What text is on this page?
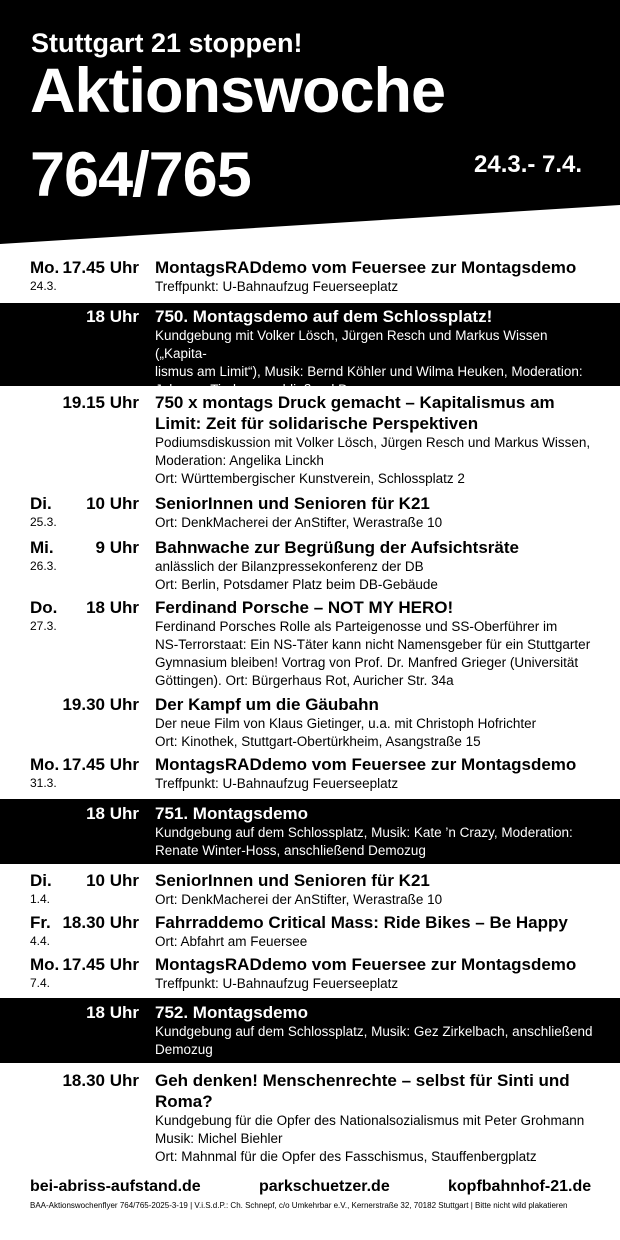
Stuttgart 21 stoppen!
Aktionswoche
764/765	24.3.- 7.4.
Mo.
24.3.
17.45 Uhr MontagsRADdemo vom Feuersee zur Montagsdemo

Treffpunkt: U-Bahnaufzug Feuerseeplatz

18 Uhr 750. Montagsdemo auf dem Schlossplatz!

Kundgebung mit Volker Lösch, Jürgen Resch und Markus Wissen („Kapita-

lismus am Limit“), Musik: Bernd Köhler und Wilma Heuken, Moderation:

Johanna Tiarks, anschließend Demozug

19.15 Uhr 750 x montags Druck gemacht – Kapitalismus am

Limit: Zeit für solidarische Perspektiven

Podiumsdiskussion mit Volker Lösch, Jürgen Resch und Markus Wissen,

Moderation: Angelika Linckh

Ort: Württembergischer Kunstverein, Schlossplatz 2

Di.
25.3.
10 Uhr SeniorInnen und Senioren für K21

Ort: DenkMacherei der AnStifter, Werastraße 10

Mi.
26.3.
9 Uhr Bahnwache zur Begrüßung der Aufsichtsräte

anlässlich der Bilanzpressekonferenz der DB

Ort: Berlin, Potsdamer Platz beim DB-Gebäude

Do.
27.3.
18 Uhr Ferdinand Porsche – NOT MY HERO!

Ferdinand Porsches Rolle als Parteigenosse und SS-Oberführer im

NS-Terrorstaat: Ein NS-Täter kann nicht Namensgeber für ein Stuttgarter

Gymnasium bleiben! Vortrag von Prof. Dr. Manfred Grieger (Universität

Göttingen). Ort: Bürgerhaus Rot, Auricher Str. 34a

19.30 Uhr Der Kampf um die Gäubahn

Der neue Film von Klaus Gietinger, u.a. mit Christoph Hofrichter

Ort: Kinothek, Stuttgart-Obertürkheim, Asangstraße 15

Mo.
31.3.
17.45 Uhr MontagsRADdemo vom Feuersee zur Montagsdemo

Treffpunkt: U-Bahnaufzug Feuerseeplatz

18 Uhr 751. Montagsdemo

Kundgebung auf dem Schlossplatz, Musik: Kate ’n Crazy, Moderation:

Renate Winter-Hoss, anschließend Demozug

Di.
1.4.
10 Uhr SeniorInnen und Senioren für K21

Ort: DenkMacherei der AnStifter, Werastraße 10

Fr.
4.4.
18.30 Uhr Fahrraddemo Critical Mass: Ride Bikes – Be Happy

Ort: Abfahrt am Feuersee

Mo.
7.4.
17.45 Uhr MontagsRADdemo vom Feuersee zur Montagsdemo

Treffpunkt: U-Bahnaufzug Feuerseeplatz

18 Uhr 752. Montagsdemo

Kundgebung auf dem Schlossplatz, Musik: Gez Zirkelbach, anschließend

Demozug

18.30 Uhr Geh denken! Menschenrechte – selbst für Sinti und

Roma?

Kundgebung für die Opfer des Nationalsozialismus mit Peter Grohmann

Musik: Michel Biehler

Ort: Mahnmal für die Opfer des Fasschismus, Stauffenbergplatz

bei-abriss-aufstand.de	parkschuetzer.de	kopfbahnhof-21.de
BAA-Aktionswochenflyer 764/765-2025-3-19 | V.i.S.d.P.: Ch. Schnepf, c/o Umkehrbar e.V., Kernerstraße 32, 70182 Stuttgart | Bitte nicht wild plakatieren
